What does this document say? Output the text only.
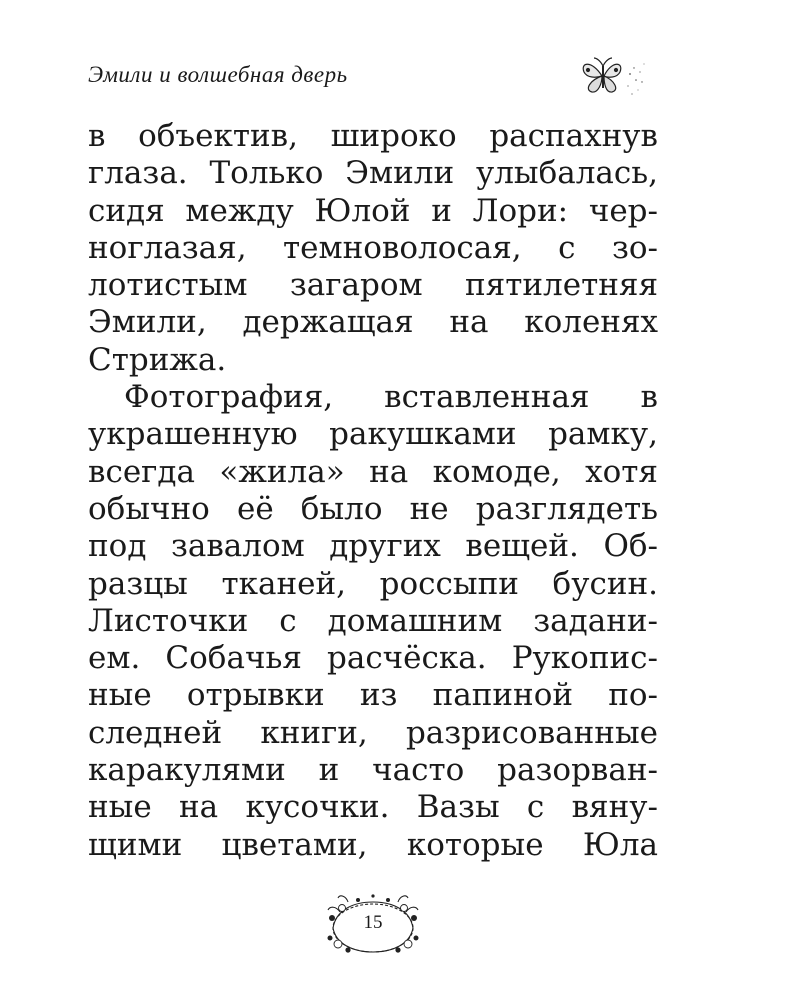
Эмили и волшебная дверь
в объектив, широко распахнув
глаза. Только Эмили улыбалась,
сидя между Юлой и Лори: чер-
ноглазая, темноволосая, с зо-
лотистым загаром пятилетняя
Эмили, держащая на коленях
Стрижа.
Фотография, вставленная в
украшенную ракушками рамку,
всегда «жила» на комоде, хотя
обычно её было не разглядеть
под завалом других вещей. Об-
разцы тканей, россыпи бусин.
Листочки с домашним задани-
ем. Собачья расчёска. Рукопис-
ные отрывки из папиной по-
следней книги, разрисованные
каракулями и часто разорван-
ные на кусочки. Вазы с вяну-
щими цветами, которые Юла
15
